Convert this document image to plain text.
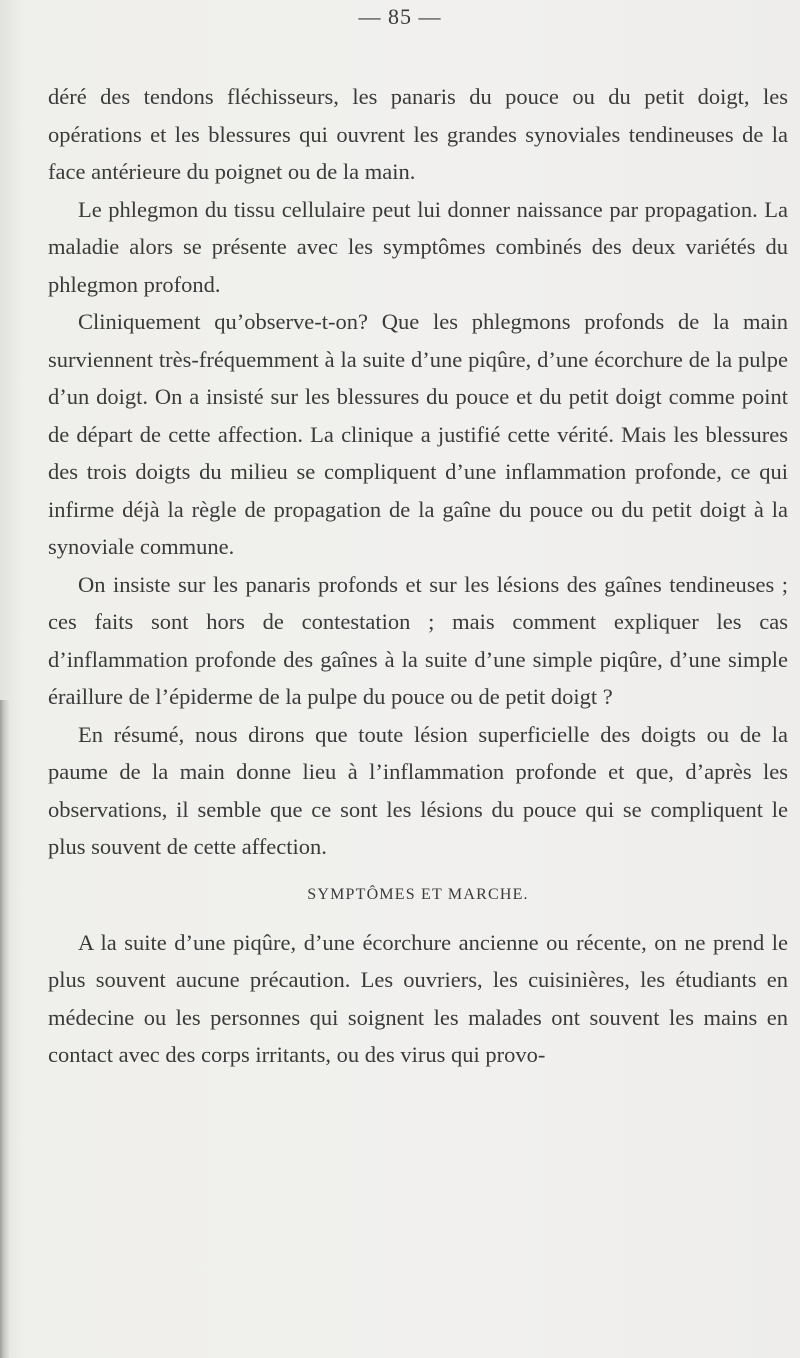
— 85 —

déré des tendons fléchisseurs, les panaris du pouce ou du petit doigt, les opérations et les blessures qui ouvrent les grandes synoviales tendineuses de la face antérieure du poignet ou de la main.

Le phlegmon du tissu cellulaire peut lui donner naissance par propagation. La maladie alors se présente avec les symptômes combinés des deux variétés du phlegmon profond.

Cliniquement qu’observe-t-on? Que les phlegmons profonds de la main surviennent très-fréquemment à la suite d’une piqûre, d’une écorchure de la pulpe d’un doigt. On a insisté sur les blessures du pouce et du petit doigt comme point de départ de cette affection. La clinique a justifié cette vérité. Mais les blessures des trois doigts du milieu se compliquent d’une inflammation profonde, ce qui infirme déjà la règle de propagation de la gaîne du pouce ou du petit doigt à la synoviale commune.

On insiste sur les panaris profonds et sur les lésions des gaînes tendineuses ; ces faits sont hors de contestation ; mais comment expliquer les cas d’inflammation profonde des gaînes à la suite d’une simple piqûre, d’une simple éraillure de l’épiderme de la pulpe du pouce ou de petit doigt ?

En résumé, nous dirons que toute lésion superficielle des doigts ou de la paume de la main donne lieu à l’inflammation profonde et que, d’après les observations, il semble que ce sont les lésions du pouce qui se compliquent le plus souvent de cette affection.

SYMPTÔMES ET MARCHE.

A la suite d’une piqûre, d’une écorchure ancienne ou récente, on ne prend le plus souvent aucune précaution. Les ouvriers, les cuisinières, les étudiants en médecine ou les personnes qui soignent les malades ont souvent les mains en contact avec des corps irritants, ou des virus qui provo-
